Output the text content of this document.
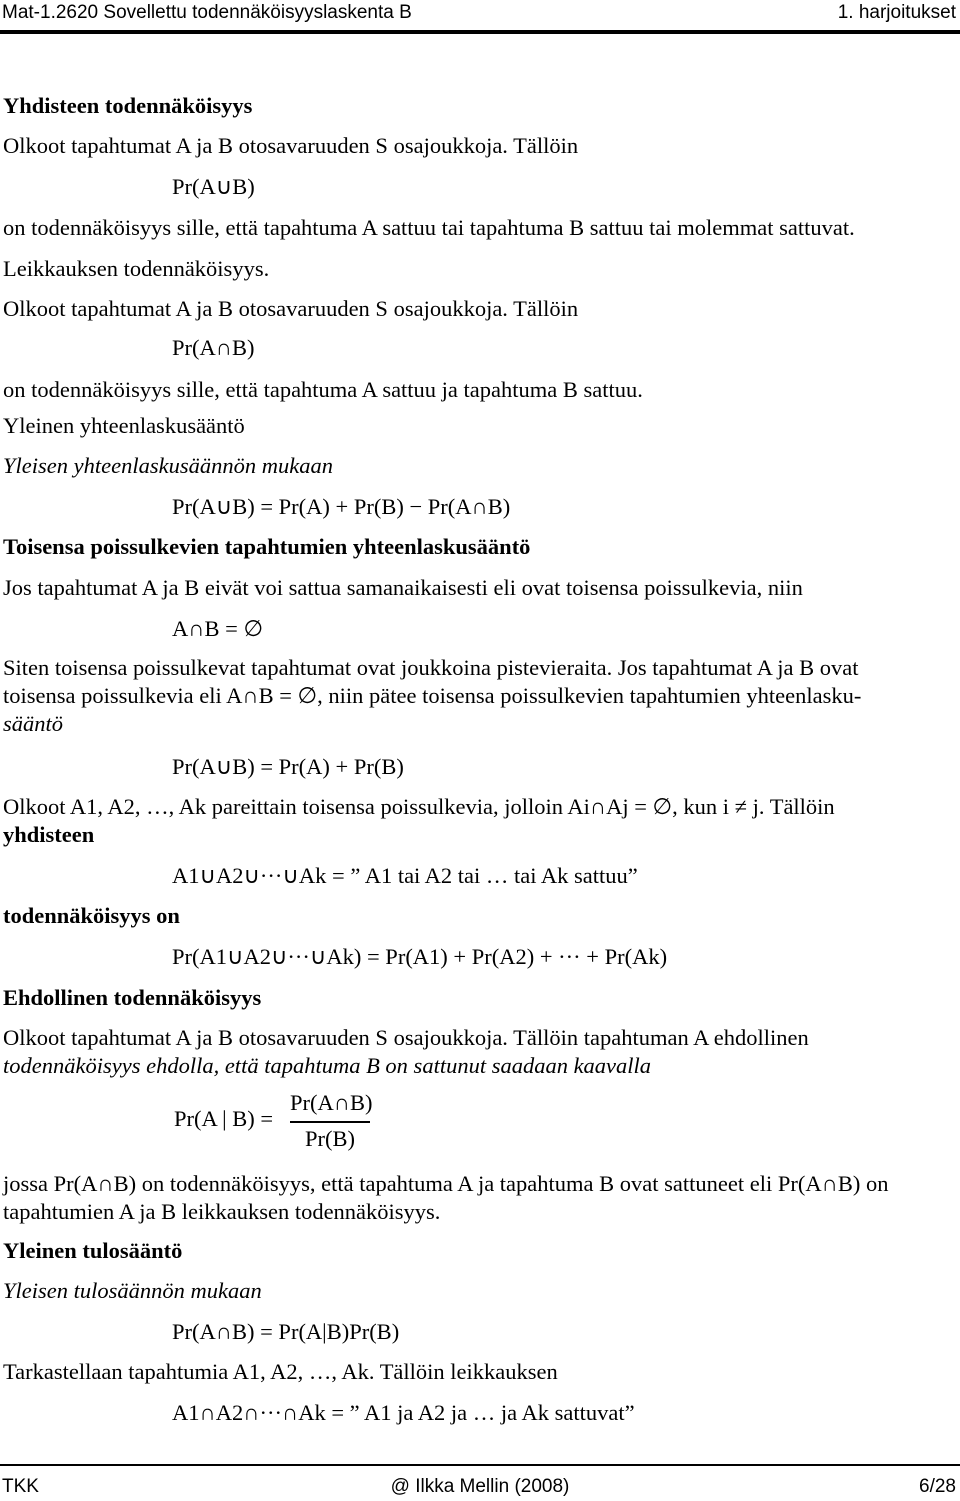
Mat-1.2620 Sovellettu todennäköisyyslaskenta B	1. harjoitukset
Yhdisteen todennäköisyys
Olkoot tapahtumat A ja B otosavaruuden S osajoukkoja. Tällöin
Pr(A∪B)
on todennäköisyys sille, että tapahtuma A sattuu tai tapahtuma B sattuu tai molemmat sattuvat.
Leikkauksen todennäköisyys.
Olkoot tapahtumat A ja B otosavaruuden S osajoukkoja. Tällöin
Pr(A∩B)
on todennäköisyys sille, että tapahtuma A sattuu ja tapahtuma B sattuu.
Yleinen yhteenlaskusääntö
Yleisen yhteenlaskusäännön mukaan
Pr(A∪B) = Pr(A) + Pr(B) − Pr(A∩B)
Toisensa poissulkevien tapahtumien yhteenlaskusääntö
Jos tapahtumat A ja B eivät voi sattua samanaikaisesti eli ovat toisensa poissulkevia, niin
A∩B = ∅
Siten toisensa poissulkevat tapahtumat ovat joukkoina pistevieraita. Jos tapahtumat A ja B ovat
toisensa poissulkevia eli A∩B = ∅, niin pätee toisensa poissulkevien tapahtumien yhteenlasku-
sääntö
Pr(A∪B) = Pr(A) + Pr(B)
Olkoot A1, A2, …, Ak pareittain toisensa poissulkevia, jolloin Ai∩Aj = ∅, kun i ≠ j. Tällöin
yhdisteen
A1∪A2∪···∪Ak = ” A1 tai A2 tai … tai Ak sattuu”
todennäköisyys on
Pr(A1∪A2∪···∪Ak) = Pr(A1) + Pr(A2) + ··· + Pr(Ak)
Ehdollinen todennäköisyys
Olkoot tapahtumat A ja B otosavaruuden S osajoukkoja. Tällöin tapahtuman A ehdollinen
todennäköisyys ehdolla, että tapahtuma B on sattunut saadaan kaavalla
Pr(A | B) =
Pr(A∩B)
Pr(B)
jossa Pr(A∩B) on todennäköisyys, että tapahtuma A ja tapahtuma B ovat sattuneet eli Pr(A∩B) on
tapahtumien A ja B leikkauksen todennäköisyys.
Yleinen tulosääntö
Yleisen tulosäännön mukaan
Pr(A∩B) = Pr(A|B)Pr(B)
Tarkastellaan tapahtumia A1, A2, …, Ak. Tällöin leikkauksen
A1∩A2∩···∩Ak = ” A1 ja A2 ja … ja Ak sattuvat”
TKK	@ Ilkka Mellin (2008)	6/28
